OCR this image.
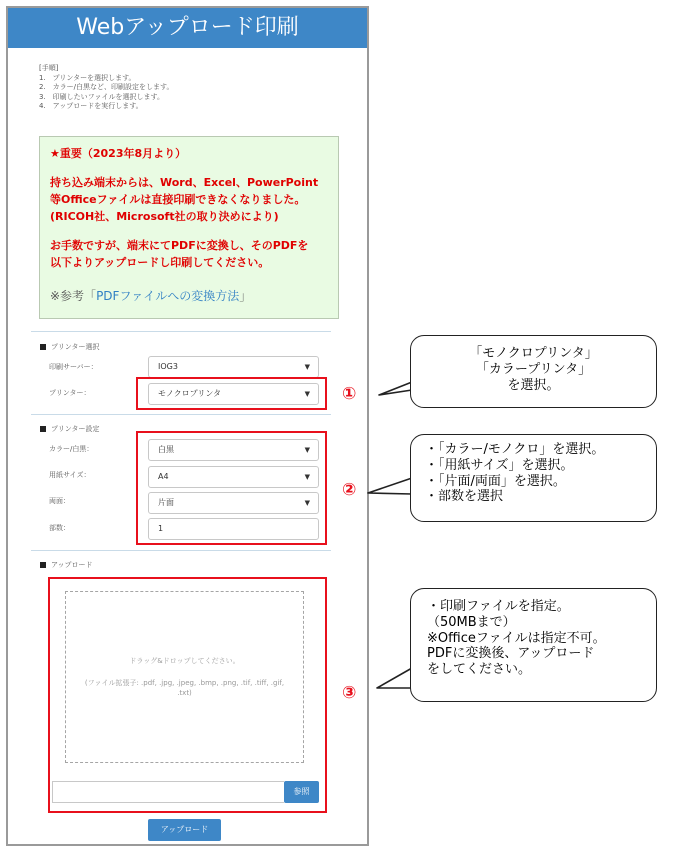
Webアップロード印刷
[手順]
1.　プリンターを選択します。
2.　カラー/白黒など、印刷設定をします。
3.　印刷したいファイルを選択します。
4.　アップロードを実行します。
★重要（2023年8月より）
持ち込み端末からは、Word、Excel、PowerPoint
等Officeファイルは直接印刷できなくなりました。
(RICOH社、Microsoft社の取り決めにより)
お手数ですが、端末にてPDFに変換し、そのPDFを
以下よりアップロードし印刷してください。
※参考「PDFファイルへの変換方法」
プリンター選択
印刷サーバー：	IOG3	▼
プリンター：	モノクロプリンタ	▼ ①
プリンター設定
カラー/白黒：	白黒	▼
用紙サイズ：	A4	▼
両面：	片面	▼
部数：	1
②
アップロード
ドラッグ&ドロップしてください。
(ファイル拡張子: .pdf, .jpg, .jpeg, .bmp, .png, .tif, .tiff, .gif,
.txt)
参照
③
アップロード
「モノクロプリンタ」
「カラープリンタ」
を選択。
・「カラー/モノクロ」を選択。
・「用紙サイズ」を選択。
・「片面/両面」を選択。
・部数を選択
・印刷ファイルを指定。
（50MBまで）
※Officeファイルは指定不可。
PDFに変換後、アップロード
をしてください。
